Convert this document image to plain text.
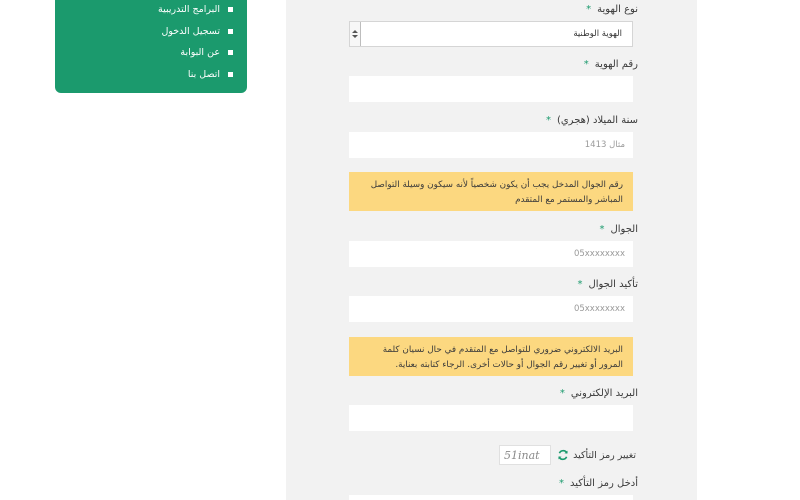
البرامج التدريبية
تسجيل الدخول
عن البوابة
اتصل بنا
نوع الهوية*
الهوية الوطنية
رقم الهوية*
سنة الميلاد (هجري)*
مثال 1413
رقم الجوال المدخل يجب أن يكون شخصياً لأنه سيكون وسيلة التواصل المباشر والمستمر مع المتقدم
الجوال*
05xxxxxxxx
تأكيد الجوال*
05xxxxxxxx
البريد الالكتروني ضروري للتواصل مع المتقدم في حال نسيان كلمة المرور أو تغيير رقم الجوال أو حالات أخرى. الرجاء كتابته بعناية.
البريد الإلكتروني*
51inat	تغيير رمز التأكيد
أدخل رمز التأكيد*
